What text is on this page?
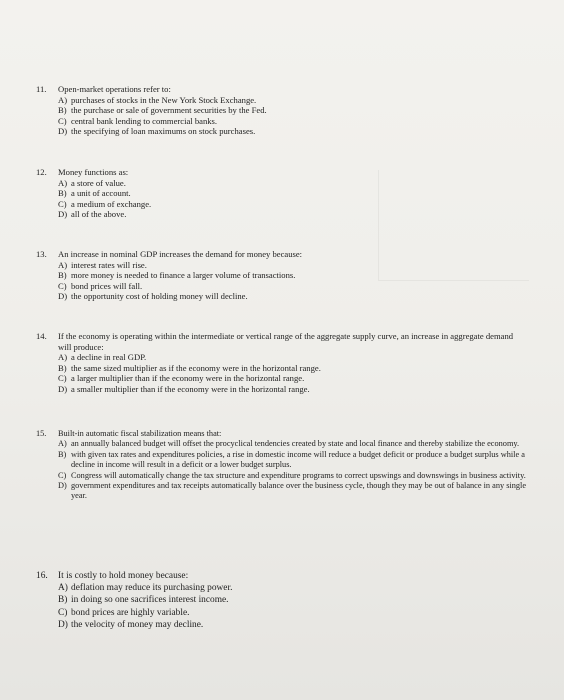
11.	Open-market operations refer to:
A) purchases of stocks in the New York Stock Exchange.
B) the purchase or sale of government securities by the Fed.
C) central bank lending to commercial banks.
D) the specifying of loan maximums on stock purchases.
12.	Money functions as:
A) a store of value.
B) a unit of account.
C) a medium of exchange.
D) all of the above.
13.	An increase in nominal GDP increases the demand for money because:
A) interest rates will rise.
B) more money is needed to finance a larger volume of transactions.
C) bond prices will fall.
D) the opportunity cost of holding money will decline.
14.	If the economy is operating within the intermediate or vertical range of the aggregate supply curve, an increase in aggregate demand will produce:
A) a decline in real GDP.
B) the same sized multiplier as if the economy were in the horizontal range.
C) a larger multiplier than if the economy were in the horizontal range.
D) a smaller multiplier than if the economy were in the horizontal range.
15.	Built-in automatic fiscal stabilization means that:
A) an annually balanced budget will offset the procyclical tendencies created by state and local finance and thereby stabilize the economy.
B) with given tax rates and expenditures policies, a rise in domestic income will reduce a budget deficit or produce a budget surplus while a decline in income will result in a deficit or a lower budget surplus.
C) Congress will automatically change the tax structure and expenditure programs to correct upswings and downswings in business activity.
D) government expenditures and tax receipts automatically balance over the business cycle, though they may be out of balance in any single year.
16.	It is costly to hold money because:
A) deflation may reduce its purchasing power.
B) in doing so one sacrifices interest income.
C) bond prices are highly variable.
D) the velocity of money may decline.
